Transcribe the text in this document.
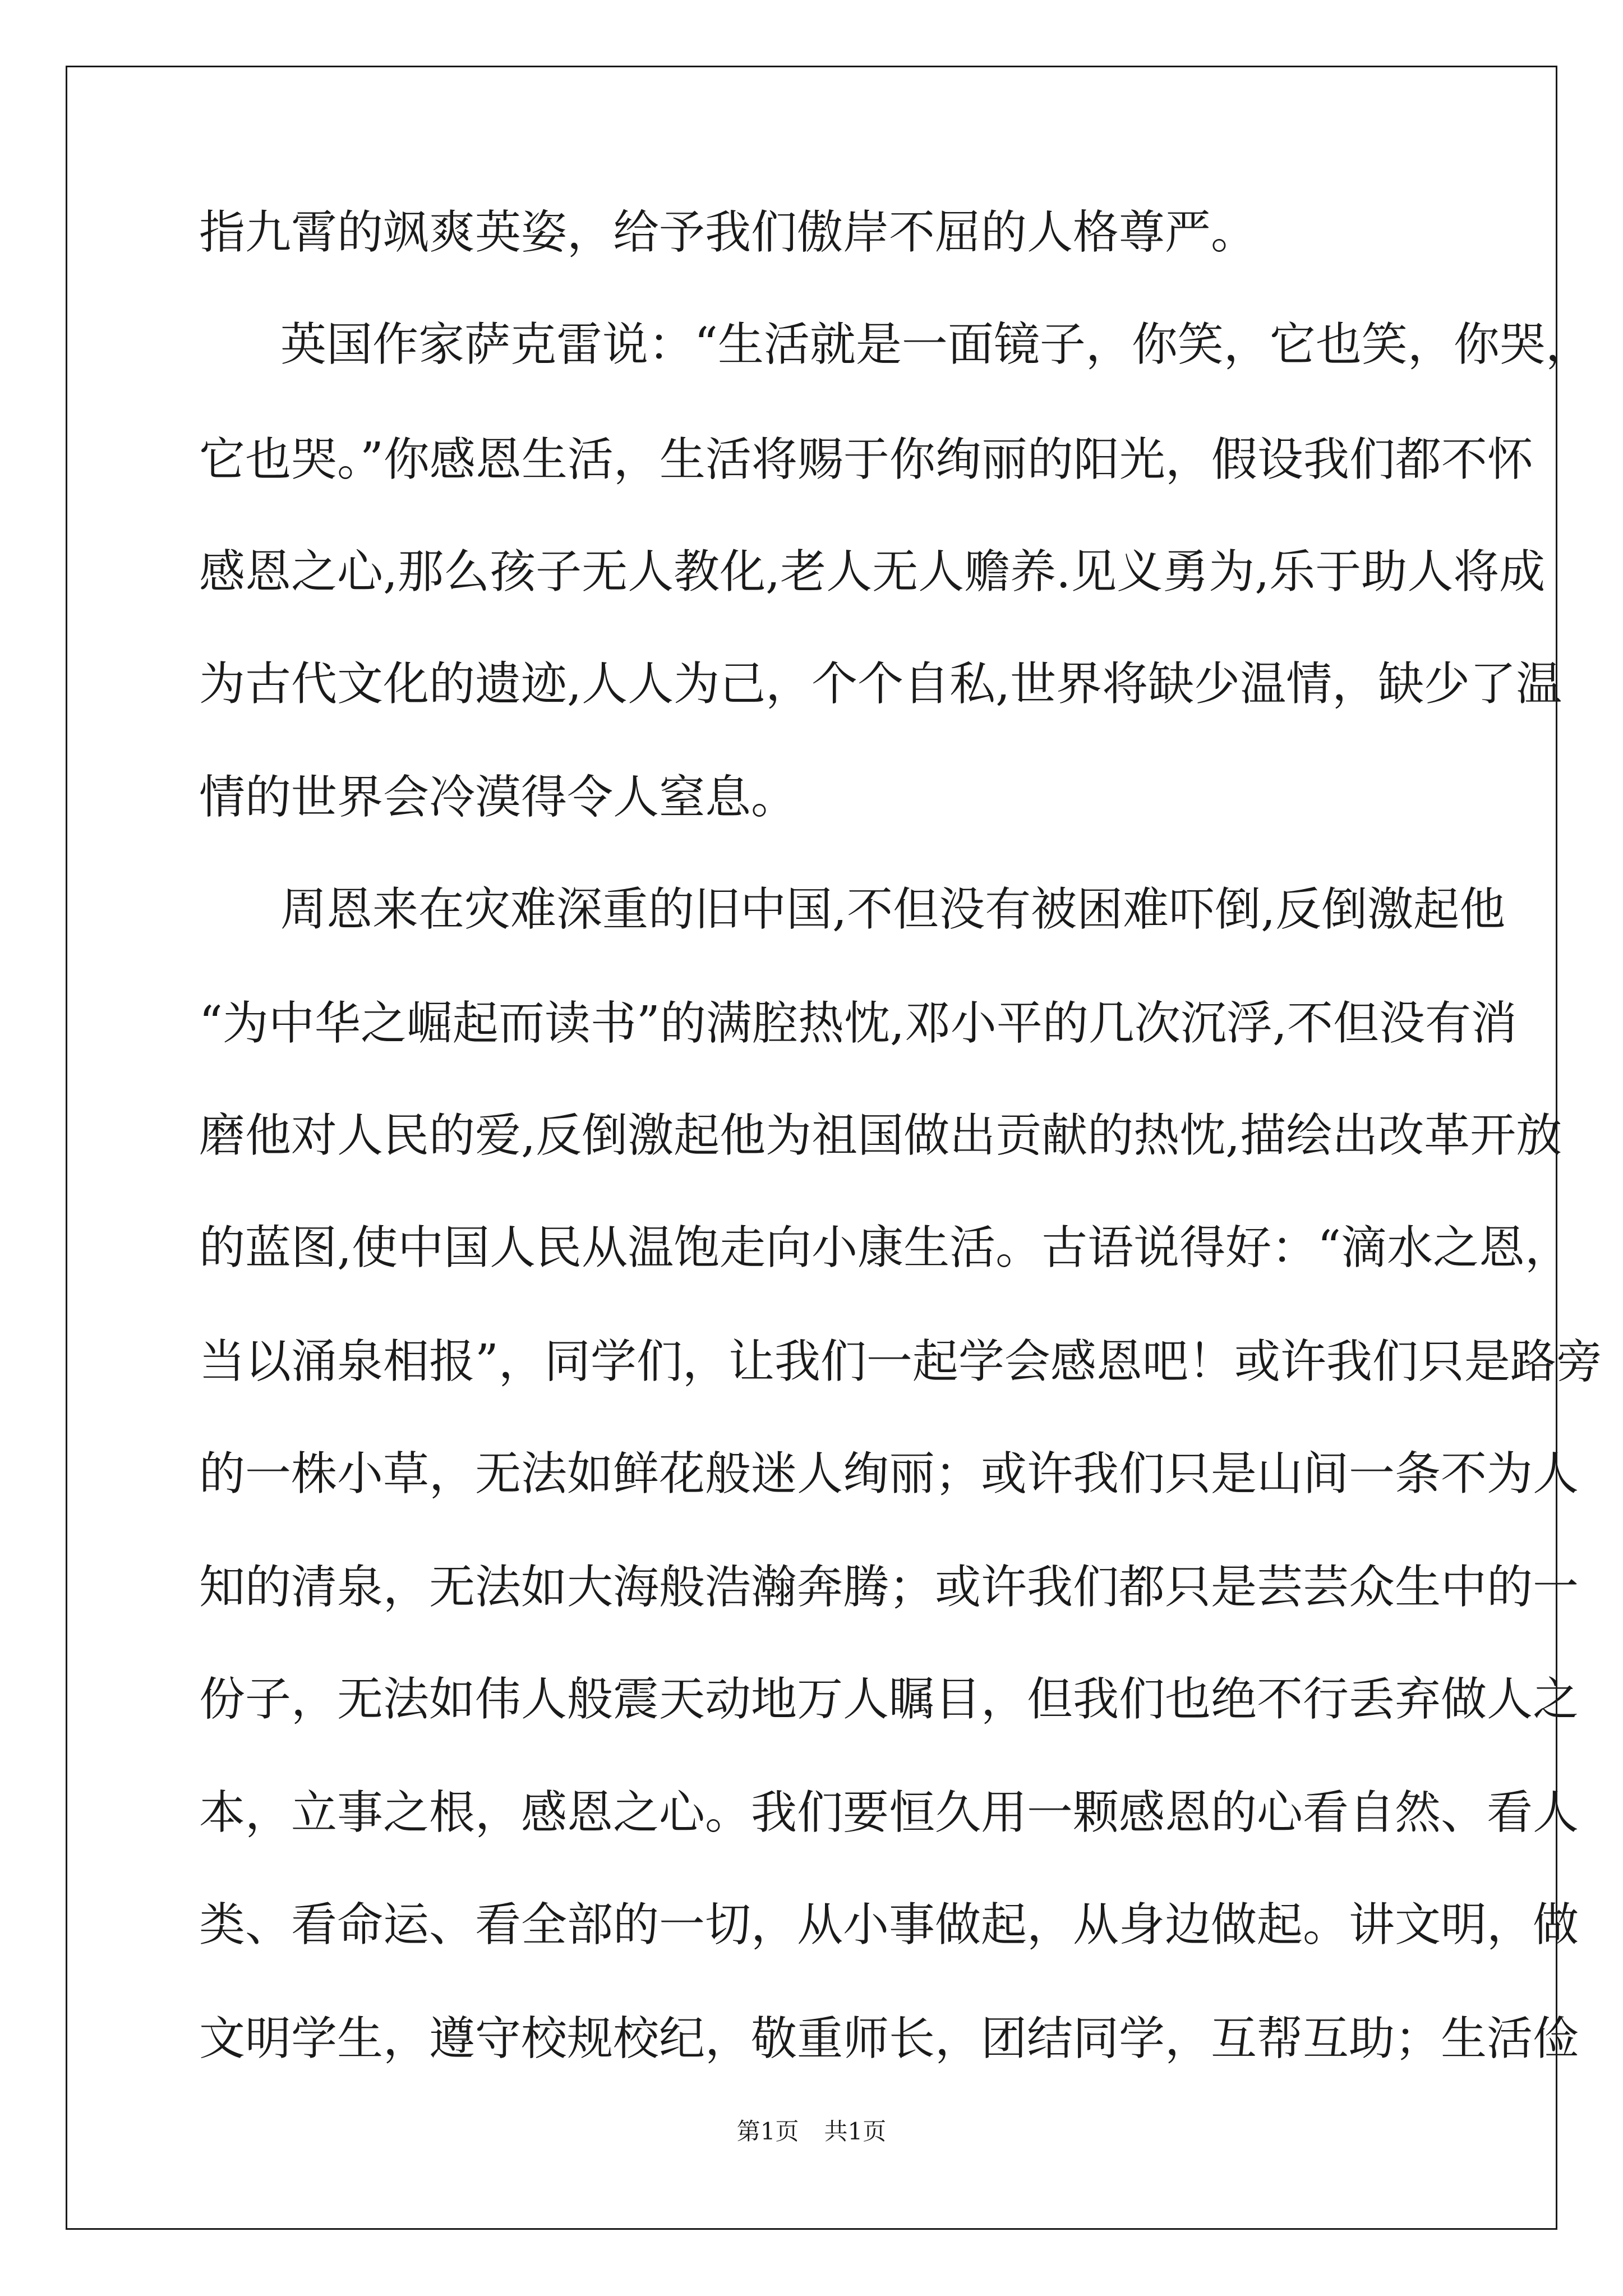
指九霄的飒爽英姿，给予我们傲岸不屈的人格尊严。
英国作家萨克雷说：“生活就是一面镜子，你笑，它也笑，你哭，
它也哭。”你感恩生活，生活将赐于你绚丽的阳光，假设我们都不怀
感恩之心,那么孩子无人教化,老人无人赡养.见义勇为,乐于助人将成
为古代文化的遗迹,人人为己，个个自私,世界将缺少温情，缺少了温
情的世界会冷漠得令人窒息。
周恩来在灾难深重的旧中国,不但没有被困难吓倒,反倒激起他
“为中华之崛起而读书”的满腔热忱,邓小平的几次沉浮,不但没有消
磨他对人民的爱,反倒激起他为祖国做出贡献的热忱,描绘出改革开放
的蓝图,使中国人民从温饱走向小康生活。古语说得好：“滴水之恩，
当以涌泉相报”，同学们，让我们一起学会感恩吧！或许我们只是路旁
的一株小草，无法如鲜花般迷人绚丽；或许我们只是山间一条不为人
知的清泉，无法如大海般浩瀚奔腾；或许我们都只是芸芸众生中的一
份子，无法如伟人般震天动地万人瞩目，但我们也绝不行丢弃做人之
本，立事之根，感恩之心。我们要恒久用一颗感恩的心看自然、看人
类、看命运、看全部的一切，从小事做起，从身边做起。讲文明，做
文明学生，遵守校规校纪，敬重师长，团结同学，互帮互助；生活俭
第1页 共1页
